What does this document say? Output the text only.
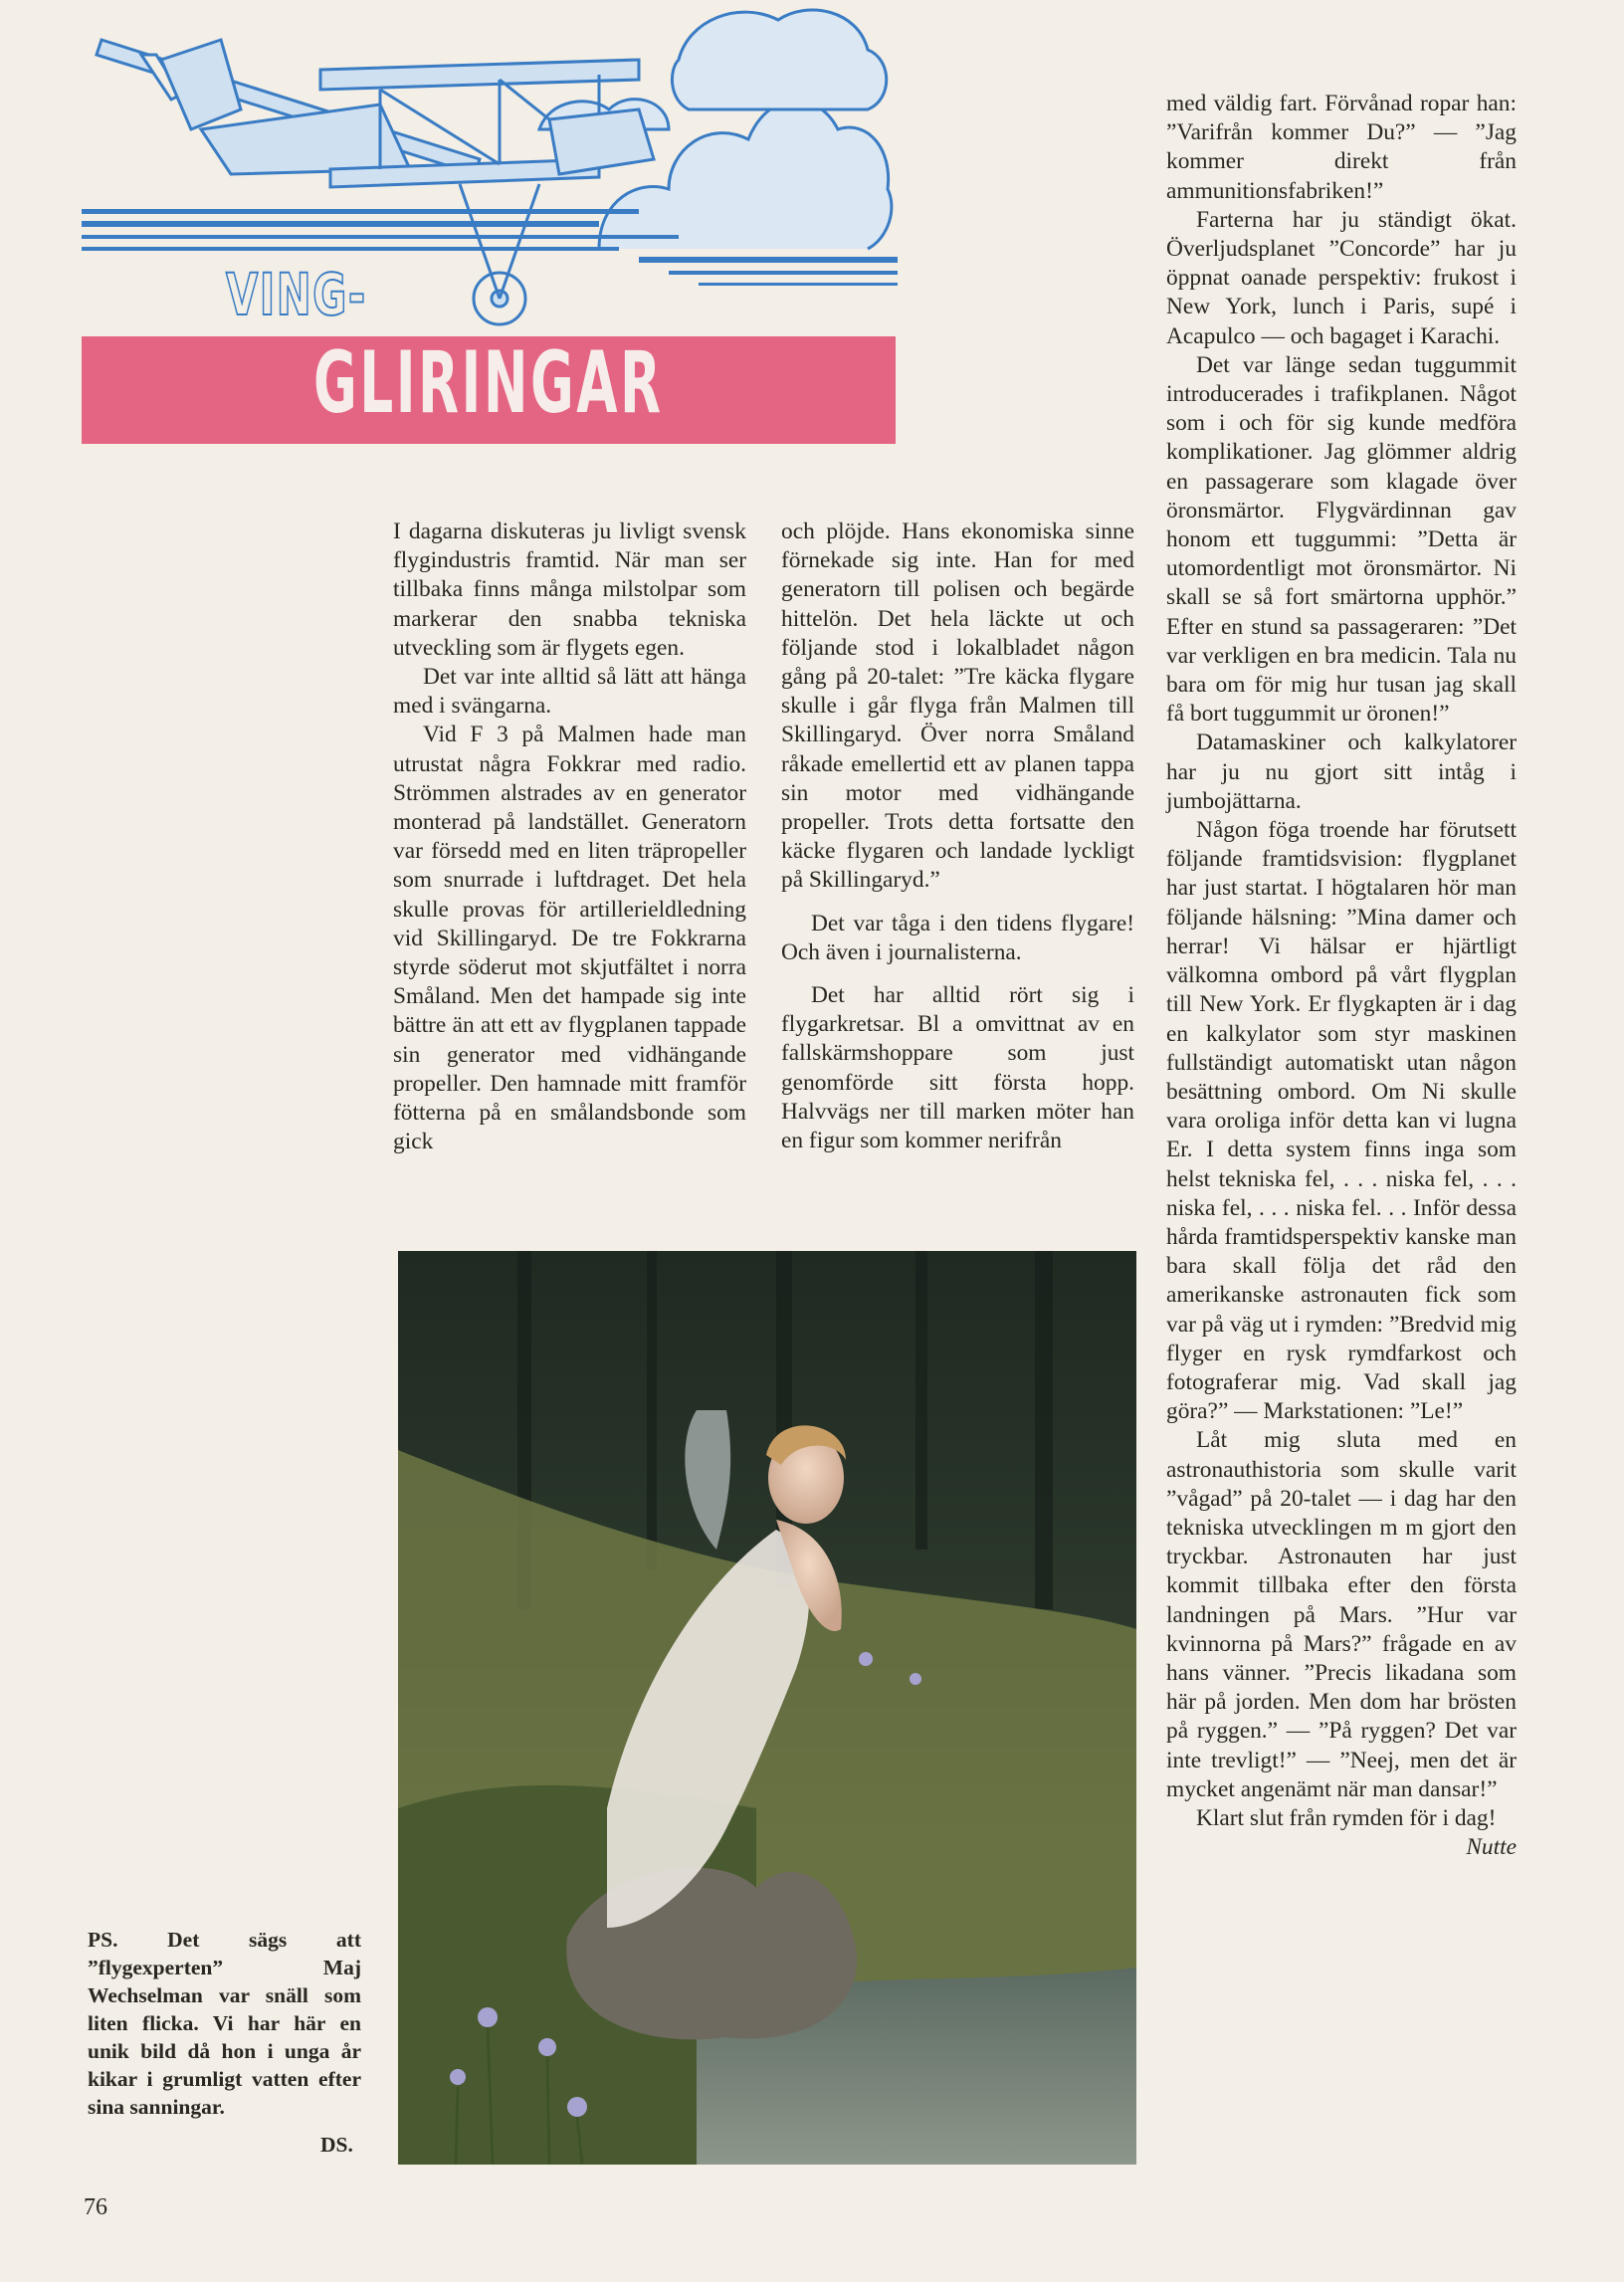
VING-
GLIRINGAR

I dagarna diskuteras ju livligt svensk flygindustris framtid. När man ser tillbaka finns många milstolpar som markerar den snabba tekniska utveckling som är flygets egen.

Det var inte alltid så lätt att hänga med i svängarna.

Vid F 3 på Malmen hade man utrustat några Fokkrar med radio. Strömmen alstrades av en generator monterad på landstället. Generatorn var försedd med en liten träpropeller som snurrade i luftdraget. Det hela skulle provas för artillerieldledning vid Skillingaryd. De tre Fokkrarna styrde söderut mot skjutfältet i norra Småland. Men det hampade sig inte bättre än att ett av flygplanen tappade sin generator med vidhängande propeller. Den hamnade mitt framför fötterna på en smålandsbonde som gick

och plöjde. Hans ekonomiska sinne förnekade sig inte. Han for med generatorn till polisen och begärde hittelön. Det hela läckte ut och följande stod i lokalbladet någon gång på 20-talet: ”Tre käcka flygare skulle i går flyga från Malmen till Skillingaryd. Över norra Småland råkade emellertid ett av planen tappa sin motor med vidhängande propeller. Trots detta fortsatte den käcke flygaren och landade lyckligt på Skillingaryd.”

Det var tåga i den tidens flygare! Och även i journalisterna.

Det har alltid rört sig i flygarkretsar. Bl a omvittnat av en fallskärmshoppare som just genomförde sitt första hopp. Halvvägs ner till marken möter han en figur som kommer nerifrån

med väldig fart. Förvånad ropar han: ”Varifrån kommer Du?” — ”Jag kommer direkt från ammunitionsfabriken!”

Farterna har ju ständigt ökat. Överljudsplanet ”Concorde” har ju öppnat oanade perspektiv: frukost i New York, lunch i Paris, supé i Acapulco — och bagaget i Karachi.

Det var länge sedan tuggummit introducerades i trafikplanen. Något som i och för sig kunde medföra komplikationer. Jag glömmer aldrig en passagerare som klagade över öronsmärtor. Flygvärdinnan gav honom ett tuggummi: ”Detta är utomordentligt mot öronsmärtor. Ni skall se så fort smärtorna upphör.” Efter en stund sa passageraren: ”Det var verkligen en bra medicin. Tala nu bara om för mig hur tusan jag skall få bort tuggummit ur öronen!”

Datamaskiner och kalkylatorer har ju nu gjort sitt intåg i jumbojättarna.

Någon föga troende har förutsett följande framtidsvision: flygplanet har just startat. I högtalaren hör man följande hälsning: ”Mina damer och herrar! Vi hälsar er hjärtligt välkomna ombord på vårt flygplan till New York. Er flygkapten är i dag en kalkylator som styr maskinen fullständigt automatiskt utan någon besättning ombord. Om Ni skulle vara oroliga inför detta kan vi lugna Er. I detta system finns inga som helst tekniska fel, . . . niska fel, . . . niska fel, . . . niska fel. . . Inför dessa hårda framtidsperspektiv kanske man bara skall följa det råd den amerikanske astronauten fick som var på väg ut i rymden: ”Bredvid mig flyger en rysk rymdfarkost och fotograferar mig. Vad skall jag göra?” — Markstationen: ”Le!”

Låt mig sluta med en astronauthistoria som skulle varit ”vågad” på 20-talet — i dag har den tekniska utvecklingen m m gjort den tryckbar. Astronauten har just kommit tillbaka efter den första landningen på Mars. ”Hur var kvinnorna på Mars?” frågade en av hans vänner. ”Precis likadana som här på jorden. Men dom har brösten på ryggen.” — ”På ryggen? Det var inte trevligt!” — ”Neej, men det är mycket angenämt när man dansar!”

Klart slut från rymden för i dag!
Nutte

PS. Det sägs att ”flygexperten” Maj Wechselman var snäll som liten flicka. Vi har här en unik bild då hon i unga år kikar i grumligt vatten efter sina sanningar.
DS.
76
